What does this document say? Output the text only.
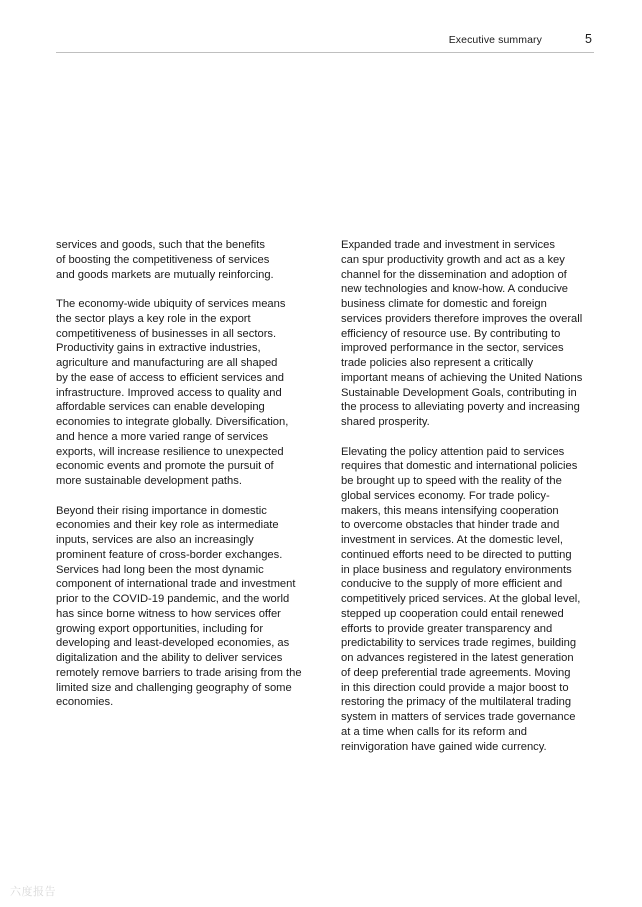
Executive summary	5

services and goods, such that the benefits
of boosting the competitiveness of services
and goods markets are mutually reinforcing.

The economy-wide ubiquity of services means
the sector plays a key role in the export
competitiveness of businesses in all sectors.
Productivity gains in extractive industries,
agriculture and manufacturing are all shaped
by the ease of access to efficient services and
infrastructure. Improved access to quality and
affordable services can enable developing
economies to integrate globally. Diversification,
and hence a more varied range of services
exports, will increase resilience to unexpected
economic events and promote the pursuit of
more sustainable development paths.

Beyond their rising importance in domestic
economies and their key role as intermediate
inputs, services are also an increasingly
prominent feature of cross-border exchanges.
Services had long been the most dynamic
component of international trade and investment
prior to the COVID-19 pandemic, and the world
has since borne witness to how services offer
growing export opportunities, including for
developing and least-developed economies, as
digitalization and the ability to deliver services
remotely remove barriers to trade arising from the
limited size and challenging geography of some
economies.

Expanded trade and investment in services
can spur productivity growth and act as a key
channel for the dissemination and adoption of
new technologies and know-how. A conducive
business climate for domestic and foreign
services providers therefore improves the overall
efficiency of resource use. By contributing to
improved performance in the sector, services
trade policies also represent a critically
important means of achieving the United Nations
Sustainable Development Goals, contributing in
the process to alleviating poverty and increasing
shared prosperity.

Elevating the policy attention paid to services
requires that domestic and international policies
be brought up to speed with the reality of the
global services economy. For trade policy-
makers, this means intensifying cooperation
to overcome obstacles that hinder trade and
investment in services. At the domestic level,
continued efforts need to be directed to putting
in place business and regulatory environments
conducive to the supply of more efficient and
competitively priced services. At the global level,
stepped up cooperation could entail renewed
efforts to provide greater transparency and
predictability to services trade regimes, building
on advances registered in the latest generation
of deep preferential trade agreements. Moving
in this direction could provide a major boost to
restoring the primacy of the multilateral trading
system in matters of services trade governance
at a time when calls for its reform and
reinvigoration have gained wide currency.

六度报告
